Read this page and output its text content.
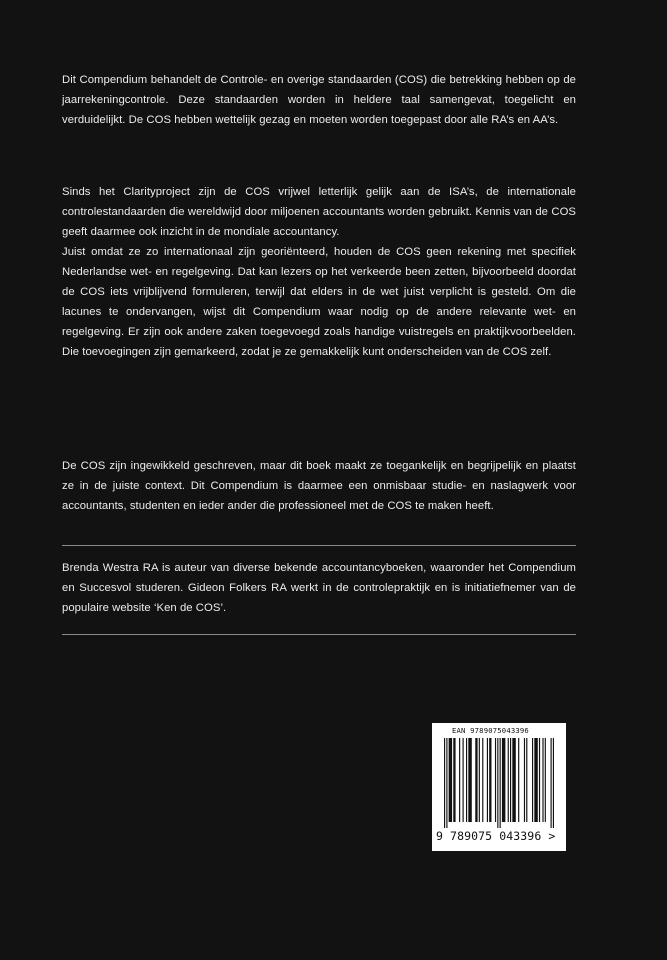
Dit Compendium behandelt de Controle- en overige standaarden (COS) die betrekking hebben op de jaarrekeningcontrole. Deze standaarden worden in heldere taal samengevat, toegelicht en verduidelijkt. De COS hebben wettelijk gezag en moeten worden toegepast door alle RA’s en AA’s.

Sinds het Clarityproject zijn de COS vrijwel letterlijk gelijk aan de ISA’s, de internationale controlestandaarden die wereldwijd door miljoenen accountants worden gebruikt. Kennis van de COS geeft daarmee ook inzicht in de mondiale accountancy.

Juist omdat ze zo internationaal zijn georiënteerd, houden de COS geen rekening met specifiek Nederlandse wet- en regelgeving. Dat kan lezers op het verkeerde been zetten, bijvoorbeeld doordat de COS iets vrijblijvend formuleren, terwijl dat elders in de wet juist verplicht is gesteld. Om die lacunes te ondervangen, wijst dit Compendium waar nodig op de andere relevante wet- en regelgeving. Er zijn ook andere zaken toegevoegd zoals handige vuistregels en praktijkvoorbeelden. Die toevoegingen zijn gemarkeerd, zodat je ze gemakkelijk kunt onderscheiden van de COS zelf.

De COS zijn ingewikkeld geschreven, maar dit boek maakt ze toegankelijk en begrijpelijk en plaatst ze in de juiste context. Dit Compendium is daarmee een onmisbaar studie- en naslagwerk voor accountants, studenten en ieder ander die professioneel met de COS te maken heeft.

Brenda Westra RA is auteur van diverse bekende accountancyboeken, waaronder het Compendium en Succesvol studeren. Gideon Folkers RA werkt in de controlepraktijk en is initiatiefnemer van de populaire website ‘Ken de COS’.

EAN 9789075043396
9 789075 043396 >
